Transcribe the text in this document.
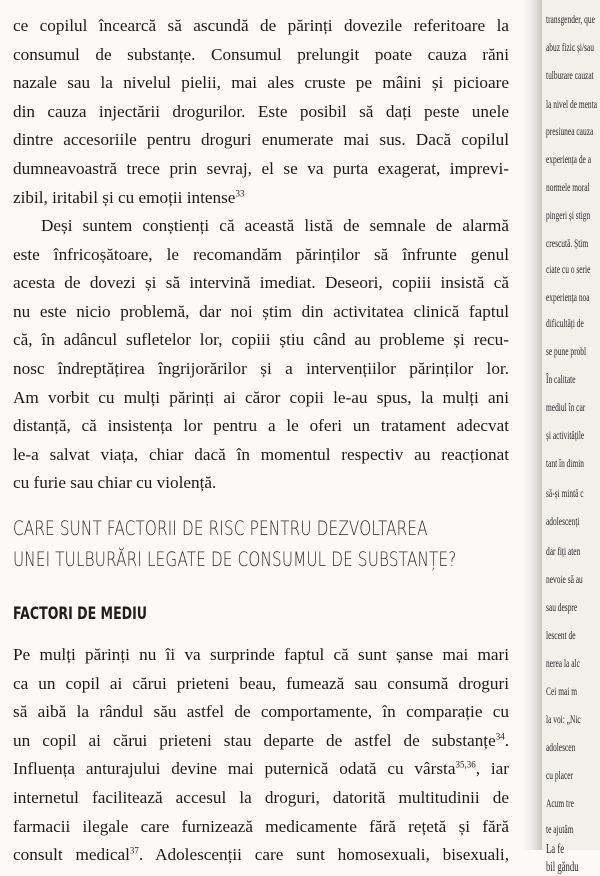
ce copilul încearcă să ascundă de părinți dovezile referitoare la
consumul de substanțe. Consumul prelungit poate cauza răni
nazale sau la nivelul pielii, mai ales cruste pe mâini și picioare
din cauza injectării drogurilor. Este posibil să dați peste unele
dintre accesoriile pentru droguri enumerate mai sus. Dacă copilul
dumneavoastră trece prin sevraj, el se va purta exagerat, imprevi-
zibil, iritabil și cu emoții intense$^{33}$

Deși suntem conștienți că această listă de semnale de alarmă
este înfricoșătoare, le recomandăm părinților să înfrunte genul
acesta de dovezi și să intervină imediat. Deseori, copiii insistă că
nu este nicio problemă, dar noi știm din activitatea clinică faptul
că, în adâncul sufletelor lor, copiii știu când au probleme și recu-
nosc îndreptățirea îngrijorărilor și a intervențiilor părinților lor.
Am vorbit cu mulți părinți ai căror copii le-au spus, la mulți ani
distanță, că insistența lor pentru a le oferi un tratament adecvat
le-a salvat viața, chiar dacă în momentul respectiv au reacționat
cu furie sau chiar cu violență.

CARE SUNT FACTORII DE RISC PENTRU DEZVOLTAREA
UNEI TULBURĂRI LEGATE DE CONSUMUL DE SUBSTANȚE?
FACTORI DE MEDIU

Pe mulți părinți nu îi va surprinde faptul că sunt șanse mai mari
ca un copil ai cărui prieteni beau, fumează sau consumă droguri
să aibă la rândul său astfel de comportamente, în comparație cu
un copil ai cărui prieteni stau departe de astfel de substanțe$^{34}$.
Influența anturajului devine mai puternică odată cu vârsta$^{35,36}$, iar
internetul facilitează accesul la droguri, datorită multitudinii de
farmacii ilegale care furnizează medicamente fără rețetă și fără
consult medical$^{37}$. Adolescenții care sunt homosexuali, bisexuali,

transgender, que
abuz fizic și/sau
tulburare cauzat
la nivel de menta
presiunea cauza
experiența de a
normele moral
pingeri și stign
crescută. Știm
ciate cu o serie
experiența noa
dificultăți de
se pune probl
În calitate
mediul în car
și activitățile
tant în dimin
să-și mintă c
adolescenți
dar fiți aten
nevoie să au
sau despre
lescent de
nerea la alc
Cei mai m
la voi: „Nic
adolescen
cu placer
Acum tre
te ajutăm
La fe
bil găndu
